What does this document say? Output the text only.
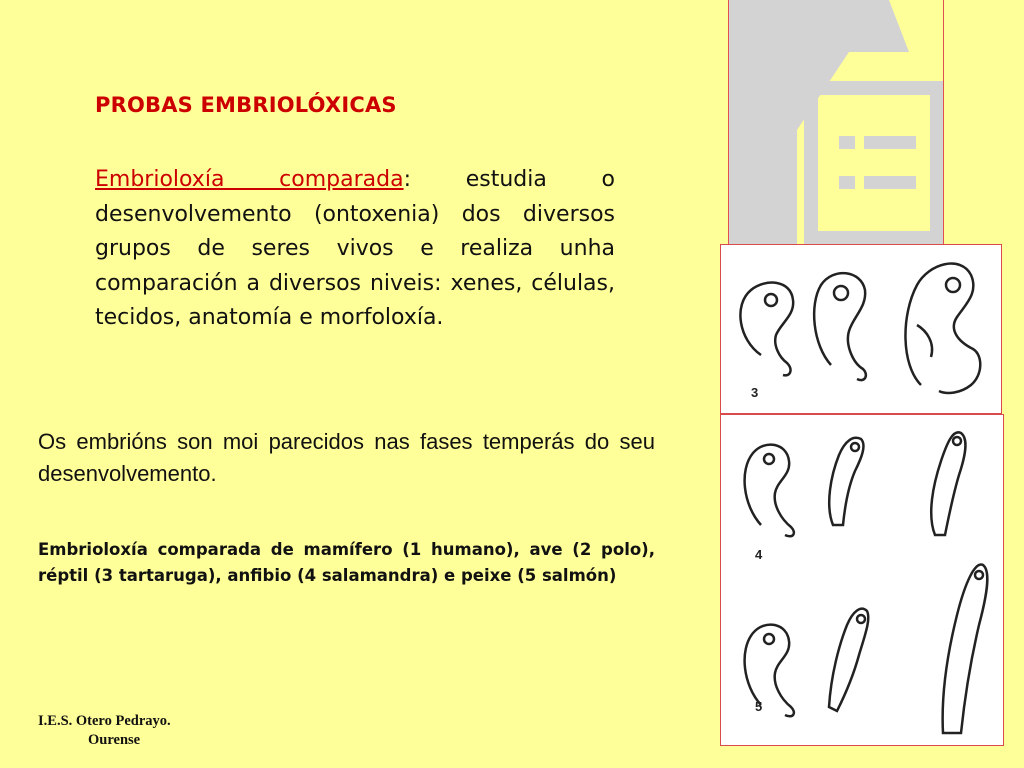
PROBAS EMBRIOLÓXICAS
Embrioloxía comparada: estudia o desenvolvemento (ontoxenia) dos diversos grupos de seres vivos e realiza unha comparación a diversos niveis: xenes, células, tecidos, anatomía e morfoloxía.
Os embrións son moi parecidos nas fases temperás do seu desenvolvemento.
Embrioloxía comparada de mamífero (1 humano), ave (2 polo), réptil (3 tartaruga), anfibio (4 salamandra) e peixe (5 salmón)
I.E.S. Otero Pedrayo.
Ourense
3
4
5
